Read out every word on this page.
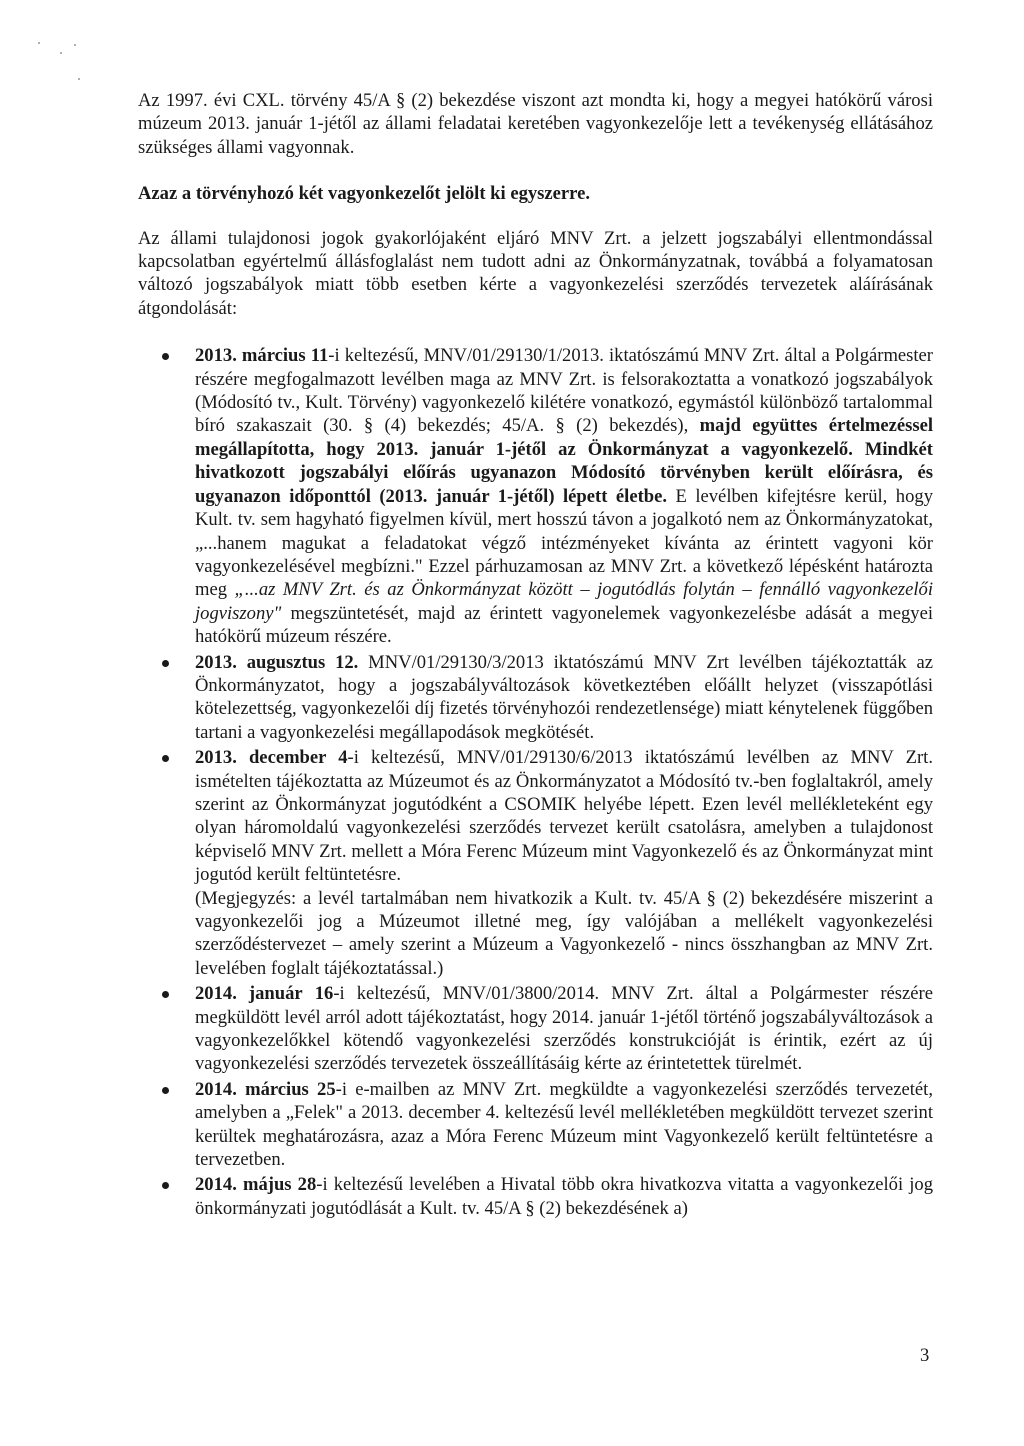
Az 1997. évi CXL. törvény 45/A § (2) bekezdése viszont azt mondta ki, hogy a megyei hatókörű városi múzeum 2013. január 1-jétől az állami feladatai keretében vagyonkezelője lett a tevékenység ellátásához szükséges állami vagyonnak.

Azaz a törvényhozó két vagyonkezelőt jelölt ki egyszerre.

Az állami tulajdonosi jogok gyakorlójaként eljáró MNV Zrt. a jelzett jogszabályi ellentmondással kapcsolatban egyértelmű állásfoglalást nem tudott adni az Önkormányzatnak, továbbá a folyamatosan változó jogszabályok miatt több esetben kérte a vagyonkezelési szerződés tervezetek aláírásának átgondolását:

2013. március 11-i keltezésű, MNV/01/29130/1/2013. iktatószámú MNV Zrt. által a Polgármester részére megfogalmazott levélben maga az MNV Zrt. is felsorakoztatta a vonatkozó jogszabályok (Módosító tv., Kult. Törvény) vagyonkezelő kilétére vonatkozó, egymástól különböző tartalommal bíró szakaszait (30. § (4) bekezdés; 45/A. § (2) bekezdés), majd együttes értelmezéssel megállapította, hogy 2013. január 1-jétől az Önkormányzat a vagyonkezelő. Mindkét hivatkozott jogszabályi előírás ugyanazon Módosító törvényben került előírásra, és ugyanazon időponttól (2013. január 1-jétől) lépett életbe. E levélben kifejtésre kerül, hogy Kult. tv. sem hagyható figyelmen kívül, mert hosszú távon a jogalkotó nem az Önkormányzatokat, „...hanem magukat a feladatokat végző intézményeket kívánta az érintett vagyoni kör vagyonkezelésével megbízni." Ezzel párhuzamosan az MNV Zrt. a következő lépésként határozta meg „...az MNV Zrt. és az Önkormányzat között – jogutódlás folytán – fennálló vagyonkezelői jogviszony" megszüntetését, majd az érintett vagyonelemek vagyonkezelésbe adását a megyei hatókörű múzeum részére.
2013. augusztus 12. MNV/01/29130/3/2013 iktatószámú MNV Zrt levélben tájékoztatták az Önkormányzatot, hogy a jogszabályváltozások következtében előállt helyzet (visszapótlási kötelezettség, vagyonkezelői díj fizetés törvényhozói rendezetlensége) miatt kénytelenek függőben tartani a vagyonkezelési megállapodások megkötését.
2013. december 4-i keltezésű, MNV/01/29130/6/2013 iktatószámú levélben az MNV Zrt. ismételten tájékoztatta az Múzeumot és az Önkormányzatot a Módosító tv.-ben foglaltakról, amely szerint az Önkormányzat jogutódként a CSOMIK helyébe lépett. Ezen levél mellékleteként egy olyan háromoldalú vagyonkezelési szerződés tervezet került csatolásra, amelyben a tulajdonost képviselő MNV Zrt. mellett a Móra Ferenc Múzeum mint Vagyonkezelő és az Önkormányzat mint jogutód került feltüntetésre.
(Megjegyzés: a levél tartalmában nem hivatkozik a Kult. tv. 45/A § (2) bekezdésére miszerint a vagyonkezelői jog a Múzeumot illetné meg, így valójában a mellékelt vagyonkezelési szerződéstervezet – amely szerint a Múzeum a Vagyonkezelő - nincs összhangban az MNV Zrt. levelében foglalt tájékoztatással.)
2014. január 16-i keltezésű, MNV/01/3800/2014. MNV Zrt. által a Polgármester részére megküldött levél arról adott tájékoztatást, hogy 2014. január 1-jétől történő jogszabályváltozások a vagyonkezelőkkel kötendő vagyonkezelési szerződés konstrukcióját is érintik, ezért az új vagyonkezelési szerződés tervezetek összeállításáig kérte az érintetettek türelmét.
2014. március 25-i e-mailben az MNV Zrt. megküldte a vagyonkezelési szerződés tervezetét, amelyben a „Felek" a 2013. december 4. keltezésű levél mellékletében megküldött tervezet szerint kerültek meghatározásra, azaz a Móra Ferenc Múzeum mint Vagyonkezelő került feltüntetésre a tervezetben.
2014. május 28-i keltezésű levelében a Hivatal több okra hivatkozva vitatta a vagyonkezelői jog önkormányzati jogutódlását a Kult. tv. 45/A § (2) bekezdésének a)
3
